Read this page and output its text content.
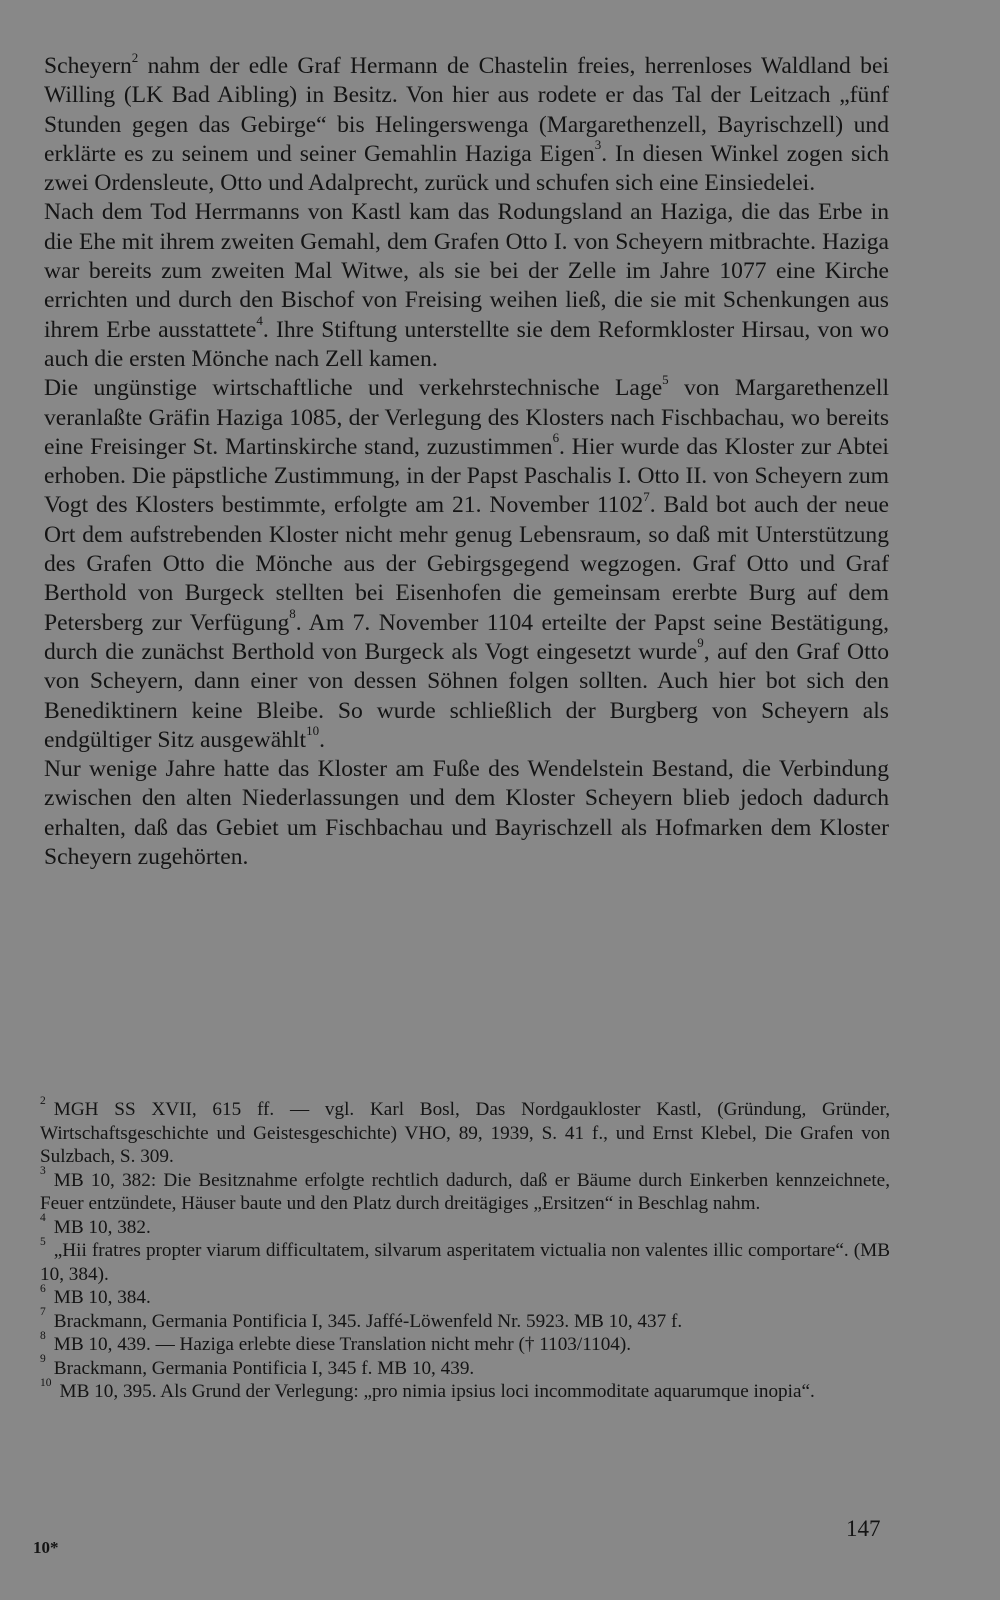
Scheyern$^2$ nahm der edle Graf Hermann de Chastelin freies, herrenloses Waldland bei Willing (LK Bad Aibling) in Besitz. Von hier aus rodete er das Tal der Leitzach „fünf Stunden gegen das Gebirge“ bis Helingerswenga (Margarethenzell, Bayrischzell) und erklärte es zu seinem und seiner Gemahlin Haziga Eigen$^3$. In diesen Winkel zogen sich zwei Ordensleute, Otto und Adalprecht, zurück und schufen sich eine Einsiedelei.

Nach dem Tod Herrmanns von Kastl kam das Rodungsland an Haziga, die das Erbe in die Ehe mit ihrem zweiten Gemahl, dem Grafen Otto I. von Scheyern mitbrachte. Haziga war bereits zum zweiten Mal Witwe, als sie bei der Zelle im Jahre 1077 eine Kirche errichten und durch den Bischof von Freising weihen ließ, die sie mit Schenkungen aus ihrem Erbe ausstattete$^4$. Ihre Stiftung unterstellte sie dem Reformkloster Hirsau, von wo auch die ersten Mönche nach Zell kamen.

Die ungünstige wirtschaftliche und verkehrstechnische Lage$^5$ von Margarethenzell veranlaßte Gräfin Haziga 1085, der Verlegung des Klosters nach Fischbachau, wo bereits eine Freisinger St. Martinskirche stand, zuzustimmen$^6$. Hier wurde das Kloster zur Abtei erhoben. Die päpstliche Zustimmung, in der Papst Paschalis I. Otto II. von Scheyern zum Vogt des Klosters bestimmte, erfolgte am 21. November 1102$^7$. Bald bot auch der neue Ort dem aufstrebenden Kloster nicht mehr genug Lebensraum, so daß mit Unterstützung des Grafen Otto die Mönche aus der Gebirgsgegend wegzogen. Graf Otto und Graf Berthold von Burgeck stellten bei Eisenhofen die gemeinsam ererbte Burg auf dem Petersberg zur Verfügung$^8$. Am 7. November 1104 erteilte der Papst seine Bestätigung, durch die zunächst Berthold von Burgeck als Vogt eingesetzt wurde$^9$, auf den Graf Otto von Scheyern, dann einer von dessen Söhnen folgen sollten. Auch hier bot sich den Benediktinern keine Bleibe. So wurde schließlich der Burgberg von Scheyern als endgültiger Sitz ausgewählt$^{10}$.

Nur wenige Jahre hatte das Kloster am Fuße des Wendelstein Bestand, die Verbindung zwischen den alten Niederlassungen und dem Kloster Scheyern blieb jedoch dadurch erhalten, daß das Gebiet um Fischbachau und Bayrischzell als Hofmarken dem Kloster Scheyern zugehörten.

$^2$ MGH SS XVII, 615 ff. — vgl. Karl Bosl, Das Nordgaukloster Kastl, (Gründung, Gründer, Wirtschaftsgeschichte und Geistesgeschichte) VHO, 89, 1939, S. 41 f., und Ernst Klebel, Die Grafen von Sulzbach, S. 309.

$^3$ MB 10, 382: Die Besitznahme erfolgte rechtlich dadurch, daß er Bäume durch Einkerben kennzeichnete, Feuer entzündete, Häuser baute und den Platz durch dreitägiges „Ersitzen“ in Beschlag nahm.

$^4$ MB 10, 382.

$^5$ „Hii fratres propter viarum difficultatem, silvarum asperitatem victualia non valentes illic comportare“. (MB 10, 384).

$^6$ MB 10, 384.

$^7$ Brackmann, Germania Pontificia I, 345. Jaffé-Löwenfeld Nr. 5923. MB 10, 437 f.

$^8$ MB 10, 439. — Haziga erlebte diese Translation nicht mehr († 1103/1104).

$^9$ Brackmann, Germania Pontificia I, 345 f. MB 10, 439.

$^{10}$ MB 10, 395. Als Grund der Verlegung: „pro nimia ipsius loci incommoditate aquarumque inopia“.

147
10*
